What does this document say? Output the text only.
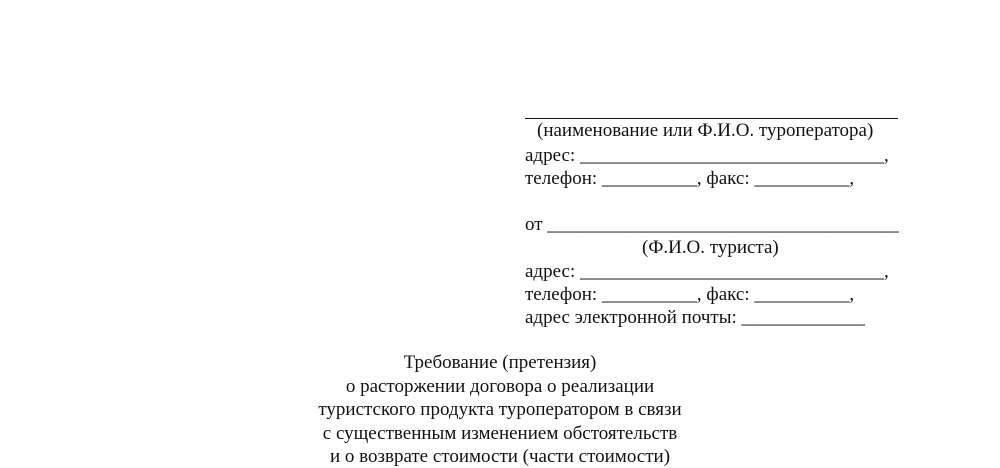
(наименование или Ф.И.О. туроператора)
адрес: ________________________________,
телефон: __________, факс: __________,
от _____________________________________
(Ф.И.О. туриста)
адрес: ________________________________,
телефон: __________, факс: __________,
адрес электронной почты: _____________
Требование (претензия)
о расторжении договора о реализации
туристского продукта туроператором в связи
с существенным изменением обстоятельств
и о возврате стоимости (части стоимости)
